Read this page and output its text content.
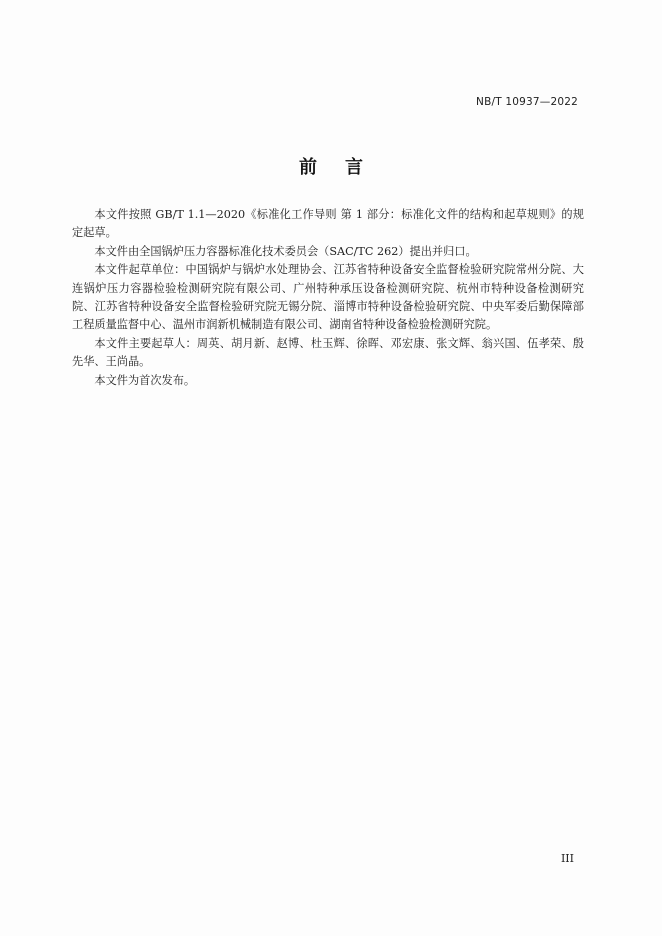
NB/T 10937—2022
前言

本文件按照 GB/T 1.1—2020《标准化工作导则 第 1 部分：标准化文件的结构和起草规则》的规定起草。

本文件由全国锅炉压力容器标准化技术委员会（SAC/TC 262）提出并归口。

本文件起草单位：中国锅炉与锅炉水处理协会、江苏省特种设备安全监督检验研究院常州分院、大连锅炉压力容器检验检测研究院有限公司、广州特种承压设备检测研究院、杭州市特种设备检测研究院、江苏省特种设备安全监督检验研究院无锡分院、淄博市特种设备检验研究院、中央军委后勤保障部工程质量监督中心、温州市润新机械制造有限公司、湖南省特种设备检验检测研究院。

本文件主要起草人：周英、胡月新、赵博、杜玉辉、徐晖、邓宏康、张文辉、翁兴国、伍孝荣、殷先华、王尚晶。

本文件为首次发布。

III
